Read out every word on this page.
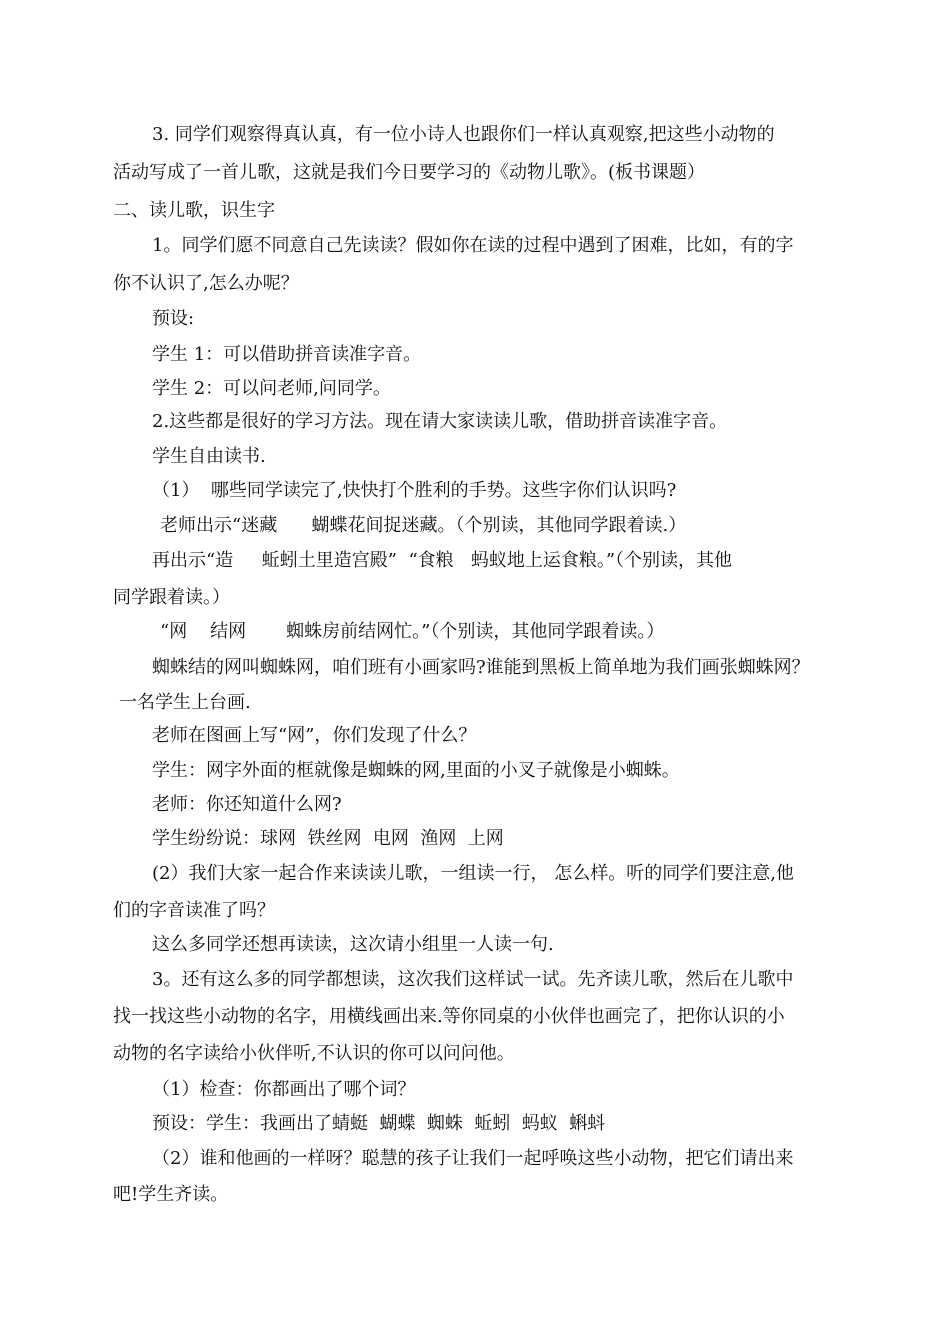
3. 同学们观察得真认真，有一位小诗人也跟你们一样认真观察,把这些小动物的
活动写成了一首儿歌，这就是我们今日要学习的《动物儿歌》。(板书课题）
二、读儿歌，识生字
1。同学们愿不同意自己先读读？假如你在读的过程中遇到了困难，比如，有的字
你不认识了,怎么办呢？
预设:
学生 1：可以借助拼音读准字音。
学生 2：可以问老师,问同学。
2.这些都是很好的学习方法。现在请大家读读儿歌，借助拼音读准字音。
学生自由读书.
（1）  哪些同学读完了,快快打个胜利的手势。这些字你们认识吗?
老师出示“迷藏      蝴蝶花间捉迷藏。（个别读，其他同学跟着读.）
再出示“造     蚯蚓土里造宫殿”  “食粮   蚂蚁地上运食粮。”（个别读，其他
同学跟着读。）
“网    结网       蜘蛛房前结网忙。”（个别读，其他同学跟着读。）
蜘蛛结的网叫蜘蛛网，咱们班有小画家吗?谁能到黑板上简单地为我们画张蜘蛛网？
一名学生上台画.
老师在图画上写“网”，你们发现了什么？
学生：网字外面的框就像是蜘蛛的网,里面的小叉子就像是小蜘蛛。
老师：你还知道什么网?
学生纷纷说：球网  铁丝网  电网  渔网  上网
(2）我们大家一起合作来读读儿歌，一组读一行， 怎么样。听的同学们要注意,他
们的字音读准了吗？
这么多同学还想再读读，这次请小组里一人读一句.
3。还有这么多的同学都想读，这次我们这样试一试。先齐读儿歌，然后在儿歌中
找一找这些小动物的名字，用横线画出来.等你同桌的小伙伴也画完了，把你认识的小
动物的名字读给小伙伴听,不认识的你可以问问他。
（1）检查：你都画出了哪个词？
预设：学生：我画出了蜻蜓  蝴蝶  蜘蛛  蚯蚓  蚂蚁  蝌蚪
（2）谁和他画的一样呀？聪慧的孩子让我们一起呼唤这些小动物，把它们请出来
吧!学生齐读。
